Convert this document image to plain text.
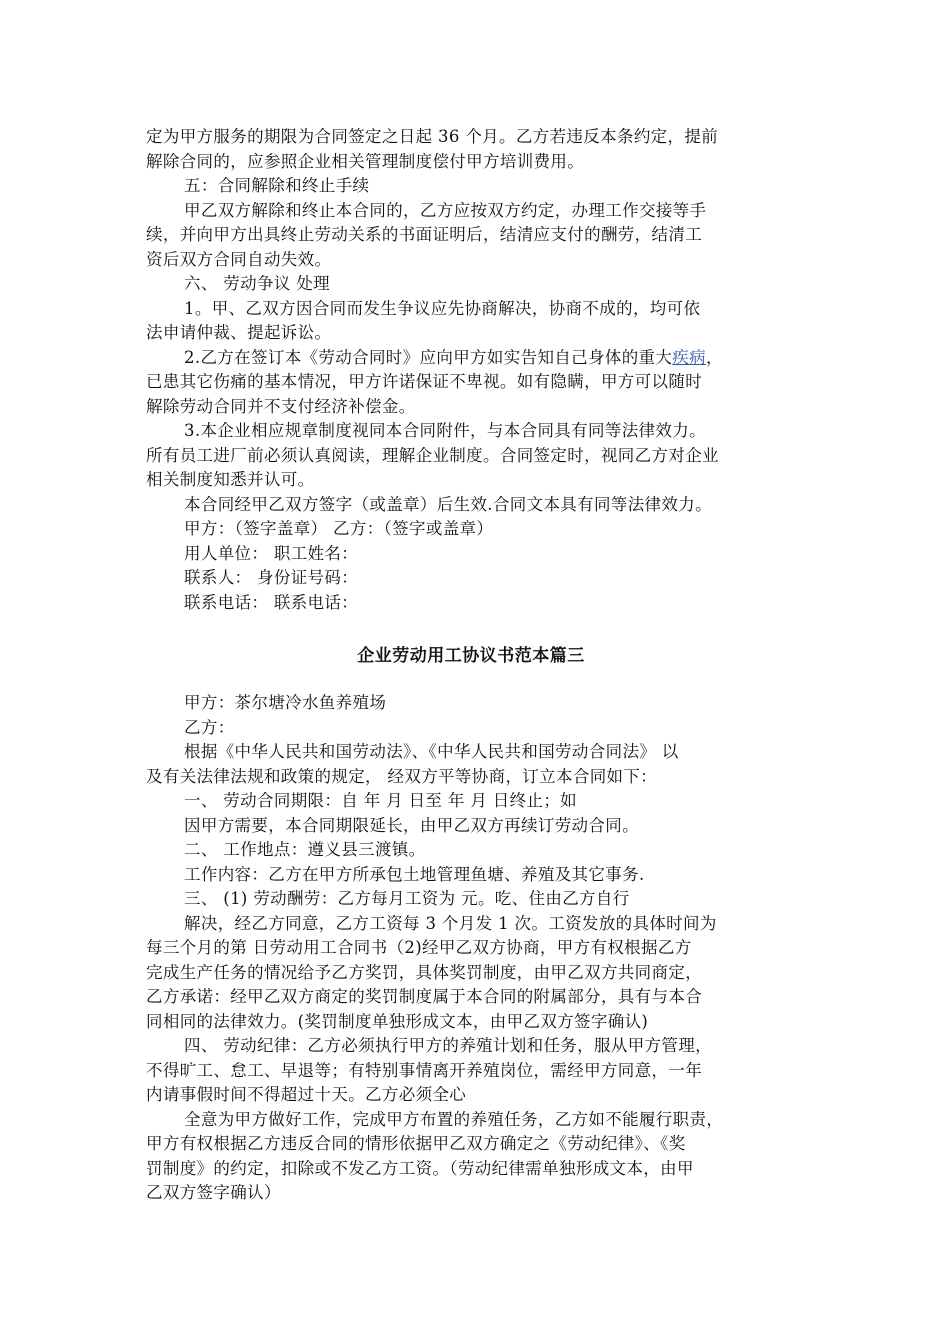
定为甲方服务的期限为合同签定之日起 36 个月。乙方若违反本条约定，提前
解除合同的，应参照企业相关管理制度偿付甲方培训费用。
五：合同解除和终止手续
甲乙双方解除和终止本合同的，乙方应按双方约定，办理工作交接等手
续，并向甲方出具终止劳动关系的书面证明后，结清应支付的酬劳，结清工
资后双方合同自动失效。
六、 劳动争议 处理
1。甲、乙双方因合同而发生争议应先协商解决，协商不成的，均可依
法申请仲裁、提起诉讼。
2.乙方在签订本《劳动合同时》应向甲方如实告知自己身体的重大疾病，
已患其它伤痛的基本情况，甲方许诺保证不卑视。如有隐瞒，甲方可以随时
解除劳动合同并不支付经济补偿金。
3.本企业相应规章制度视同本合同附件，与本合同具有同等法律效力。
所有员工进厂前必须认真阅读，理解企业制度。合同签定时，视同乙方对企业
相关制度知悉并认可。
本合同经甲乙双方签字（或盖章）后生效.合同文本具有同等法律效力。
甲方：（签字盖章） 乙方：（签字或盖章）
用人单位： 职工姓名：
联系人： 身份证号码：
联系电话： 联系电话：
企业劳动用工协议书范本篇三
甲方：茶尔塘冷水鱼养殖场
乙方：
根据《中华人民共和国劳动法》、《中华人民共和国劳动合同法》 以
及有关法律法规和政策的规定， 经双方平等协商，订立本合同如下：
一、 劳动合同期限：自 年 月 日至 年 月 日终止；如
因甲方需要，本合同期限延长，由甲乙双方再续订劳动合同。
二、 工作地点：遵义县三渡镇。
工作内容：乙方在甲方所承包土地管理鱼塘、养殖及其它事务.
三、 (1) 劳动酬劳：乙方每月工资为 元。吃、住由乙方自行
解决，经乙方同意，乙方工资每 3 个月发 1 次。工资发放的具体时间为
每三个月的第 日劳动用工合同书（2)经甲乙双方协商，甲方有权根据乙方
完成生产任务的情况给予乙方奖罚，具体奖罚制度，由甲乙双方共同商定，
乙方承诺：经甲乙双方商定的奖罚制度属于本合同的附属部分，具有与本合
同相同的法律效力。(奖罚制度单独形成文本，由甲乙双方签字确认)
四、 劳动纪律：乙方必须执行甲方的养殖计划和任务，服从甲方管理，
不得旷工、怠工、早退等；有特别事情离开养殖岗位，需经甲方同意，一年
内请事假时间不得超过十天。乙方必须全心
全意为甲方做好工作，完成甲方布置的养殖任务，乙方如不能履行职责，
甲方有权根据乙方违反合同的情形依据甲乙双方确定之《劳动纪律》、《奖
罚制度》的约定，扣除或不发乙方工资。（劳动纪律需单独形成文本，由甲
乙双方签字确认）
